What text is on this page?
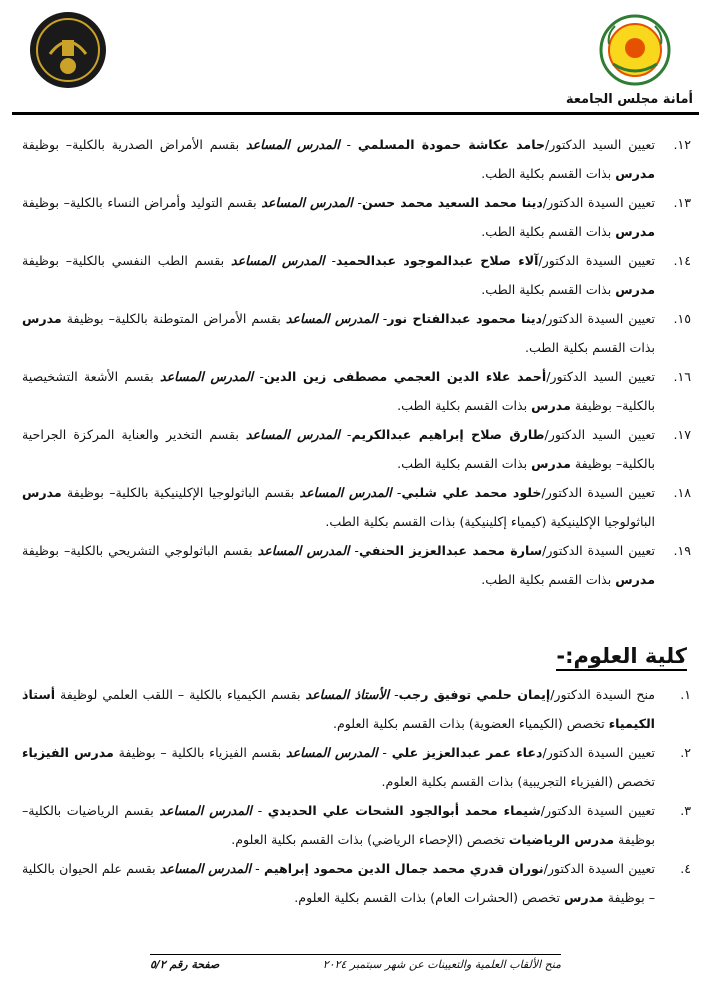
أمانة مجلس الجامعة
١٢.
تعيين السيد الدكتور/حامد عكاشة حمودة المسلمي - المدرس المساعد بقسم الأمراض الصدرية بالكلية– بوظيفة مدرس بذات القسم بكلية الطب.
١٣.
تعيين السيدة الدكتور/دينا محمد السعيد محمد حسن- المدرس المساعد بقسم التوليد وأمراض النساء بالكلية– بوظيفة مدرس بذات القسم بكلية الطب.
١٤.
تعيين السيدة الدكتور/آلاء صلاح عبدالموجود عبدالحميد- المدرس المساعد بقسم الطب النفسي بالكلية– بوظيفة مدرس بذات القسم بكلية الطب.
١٥.
تعيين السيدة الدكتور/دينا محمود عبدالفتاح نور- المدرس المساعد بقسم الأمراض المتوطنة بالكلية– بوظيفة مدرس بذات القسم بكلية الطب.
١٦.
تعيين السيد الدكتور/أحمد علاء الدين العجمي مصطفى زين الدين- المدرس المساعد بقسم الأشعة التشخيصية بالكلية– بوظيفة مدرس بذات القسم بكلية الطب.
١٧.
تعيين السيد الدكتور/طارق صلاح إبراهيم عبدالكريم- المدرس المساعد بقسم التخدير والعناية المركزة الجراحية بالكلية– بوظيفة مدرس بذات القسم بكلية الطب.
١٨.
تعيين السيدة الدكتور/خلود محمد علي شلبي- المدرس المساعد بقسم الباثولوجيا الإكلينيكية بالكلية– بوظيفة مدرس الباثولوجيا الإكلينيكية (كيمياء إكلينيكية) بذات القسم بكلية الطب.
١٩.
تعيين السيدة الدكتور/سارة محمد عبدالعزيز الحنفي- المدرس المساعد بقسم الباثولوجي التشريحي بالكلية– بوظيفة مدرس بذات القسم بكلية الطب.
كلية العلوم:-
١.
منح السيدة الدكتور/إيمان حلمي توفيق رجب- الأستاذ المساعد بقسم الكيمياء بالكلية – اللقب العلمي لوظيفة أستاذ الكيمياء تخصص (الكيمياء العضوية) بذات القسم بكلية العلوم.
٢.
تعيين السيدة الدكتور/دعاء عمر عبدالعزيز علي - المدرس المساعد بقسم الفيزياء بالكلية – بوظيفة مدرس الفيزياء تخصص (الفيزياء التجريبية) بذات القسم بكلية العلوم.
٣.
تعيين السيدة الدكتور/شيماء محمد أبوالجود الشحات علي الحديدي - المدرس المساعد بقسم الرياضيات بالكلية– بوظيفة مدرس الرياضيات تخصص (الإحصاء الرياضي) بذات القسم بكلية العلوم.
٤.
تعيين السيدة الدكتور/نوران قدري محمد جمال الدين محمود إبراهيم - المدرس المساعد بقسم علم الحيوان بالكلية – بوظيفة مدرس تخصص (الحشرات العام) بذات القسم بكلية العلوم.
منح الألقاب العلمية والتعيينات عن شهر سبتمبر ٢٠٢٤
صفحة رقم ٥/٢
